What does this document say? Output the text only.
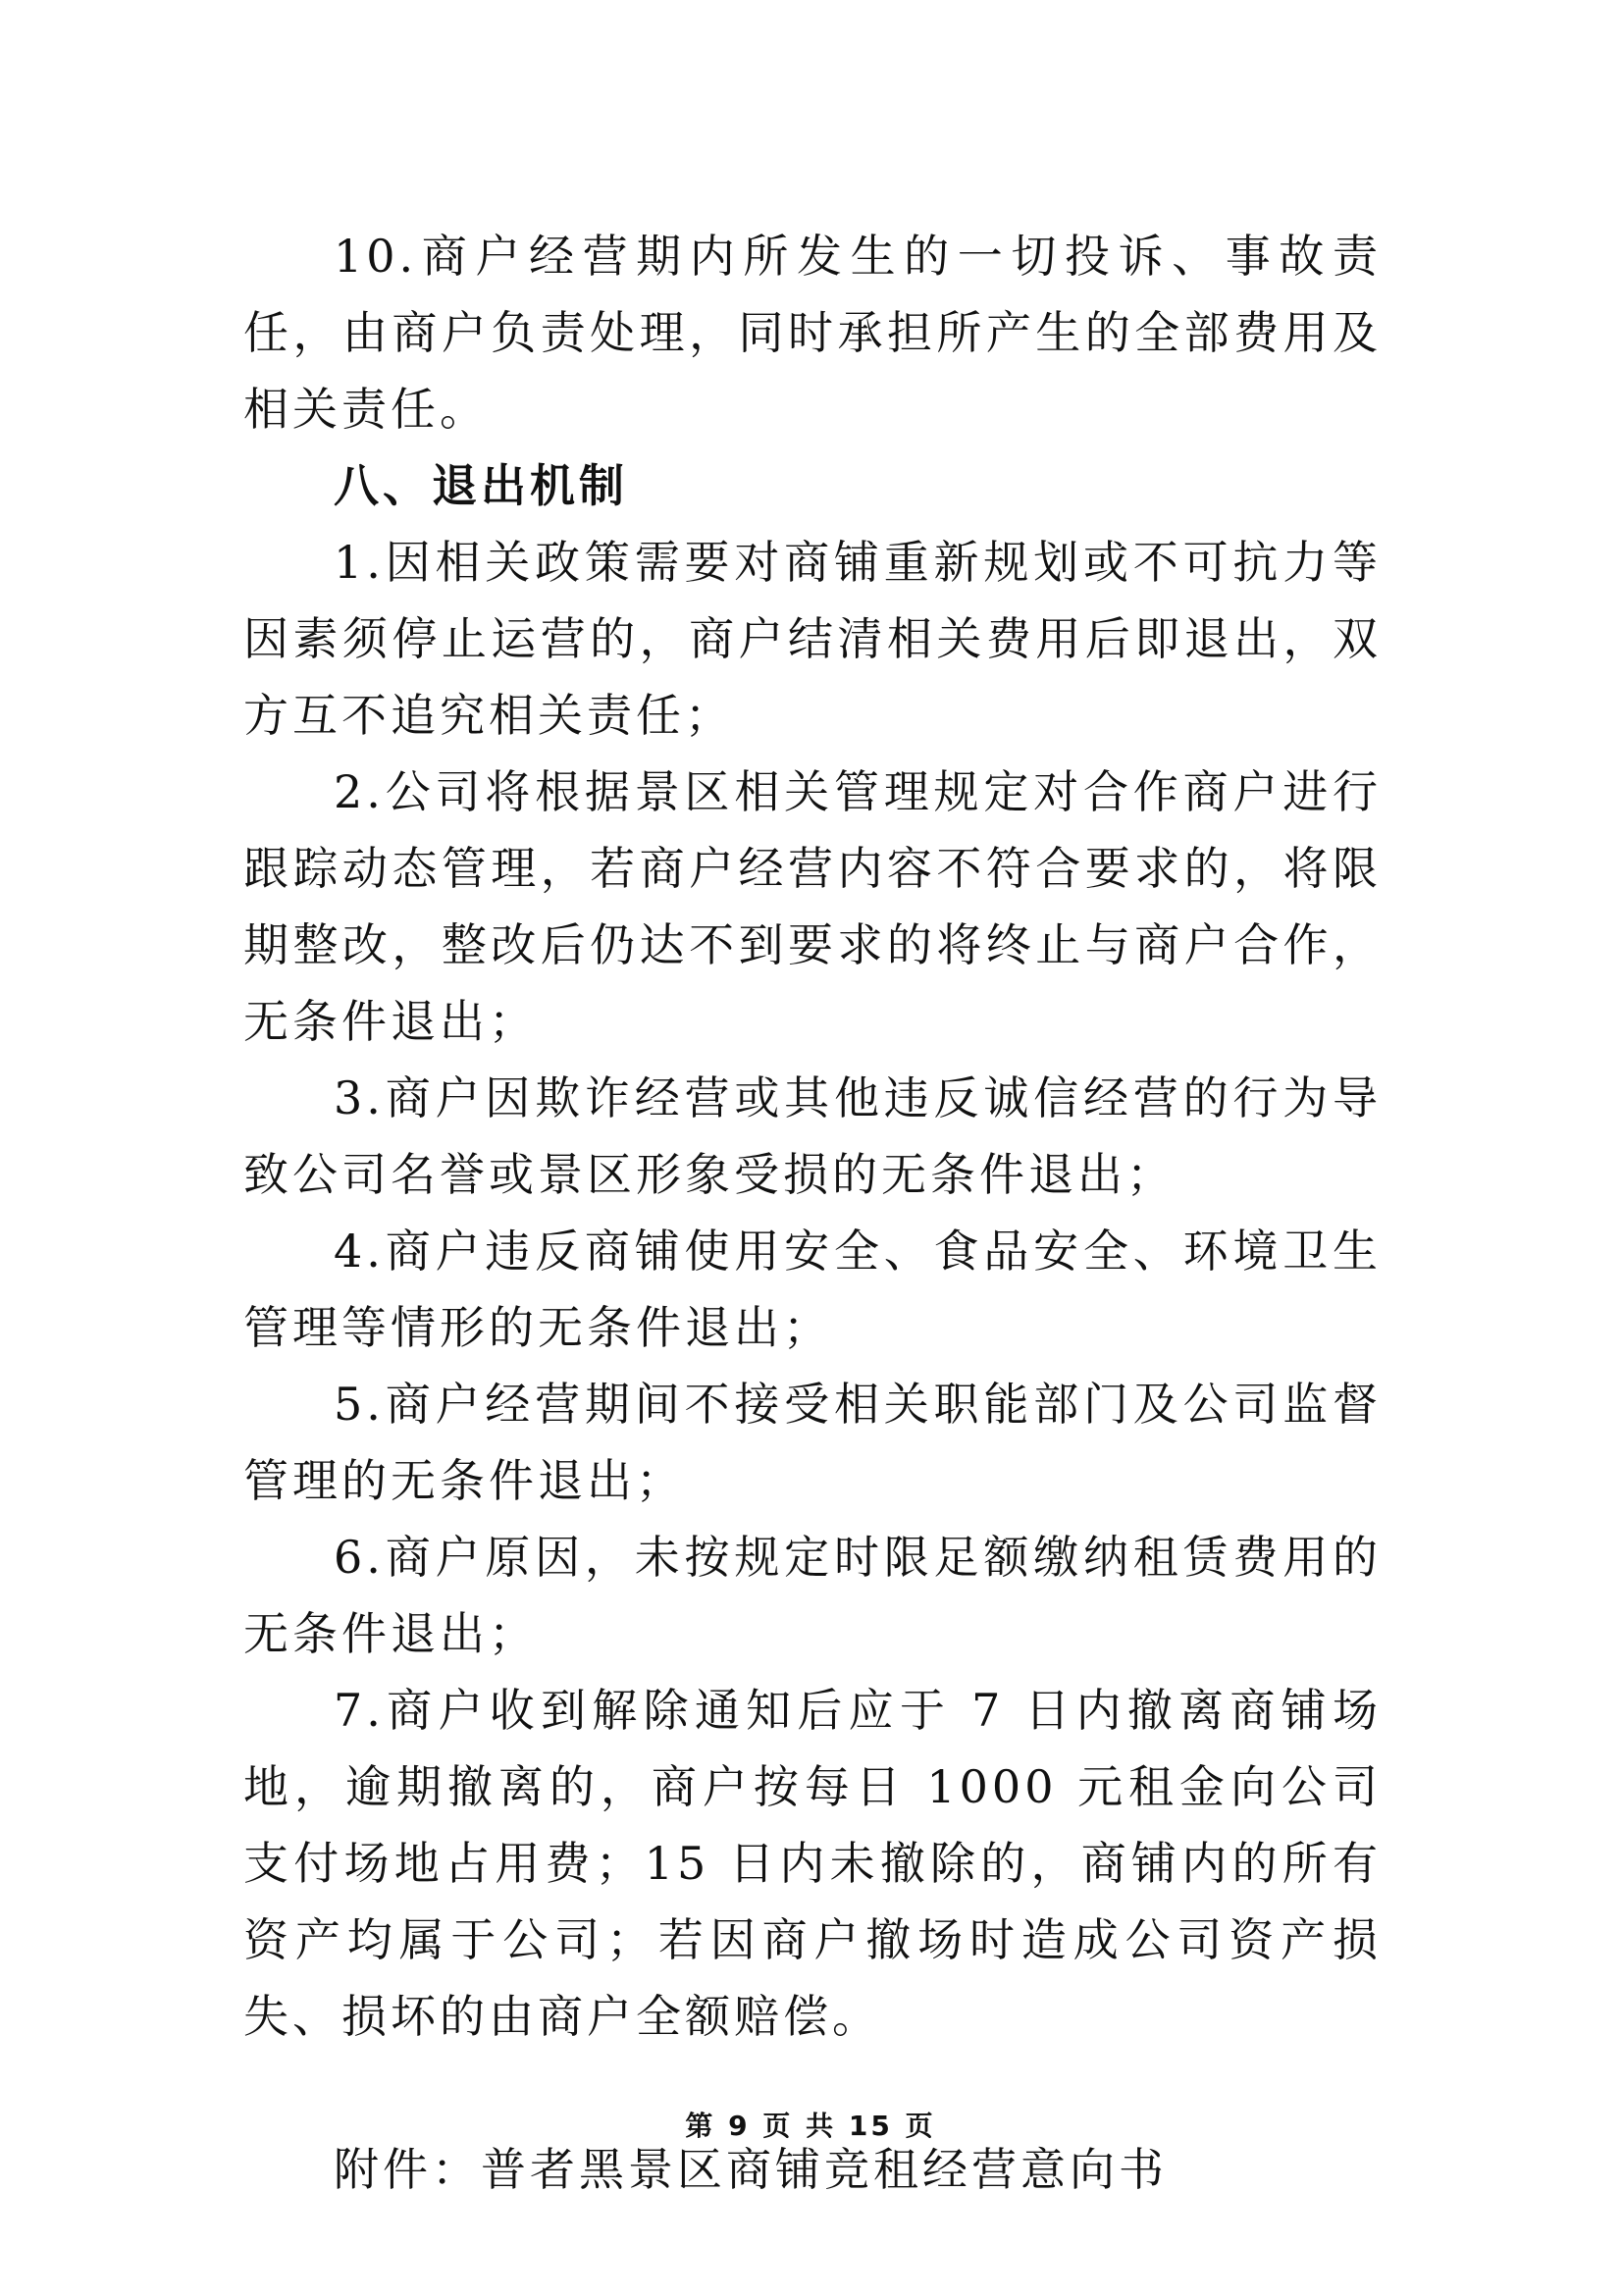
10.商户经营期内所发生的一切投诉、事故责任，由商户负责处理，同时承担所产生的全部费用及相关责任。

八、退出机制

1.因相关政策需要对商铺重新规划或不可抗力等因素须停止运营的，商户结清相关费用后即退出，双方互不追究相关责任；

2.公司将根据景区相关管理规定对合作商户进行跟踪动态管理，若商户经营内容不符合要求的，将限期整改，整改后仍达不到要求的将终止与商户合作，无条件退出；

3.商户因欺诈经营或其他违反诚信经营的行为导致公司名誉或景区形象受损的无条件退出；

4.商户违反商铺使用安全、食品安全、环境卫生管理等情形的无条件退出；

5.商户经营期间不接受相关职能部门及公司监督管理的无条件退出；

6.商户原因，未按规定时限足额缴纳租赁费用的无条件退出；

7.商户收到解除通知后应于 7 日内撤离商铺场地，逾期撤离的，商户按每日 1000 元租金向公司支付场地占用费；15 日内未撤除的，商铺内的所有资产均属于公司；若因商户撤场时造成公司资产损失、损坏的由商户全额赔偿。

附件：普者黑景区商铺竞租经营意向书

第 9 页 共 15 页
